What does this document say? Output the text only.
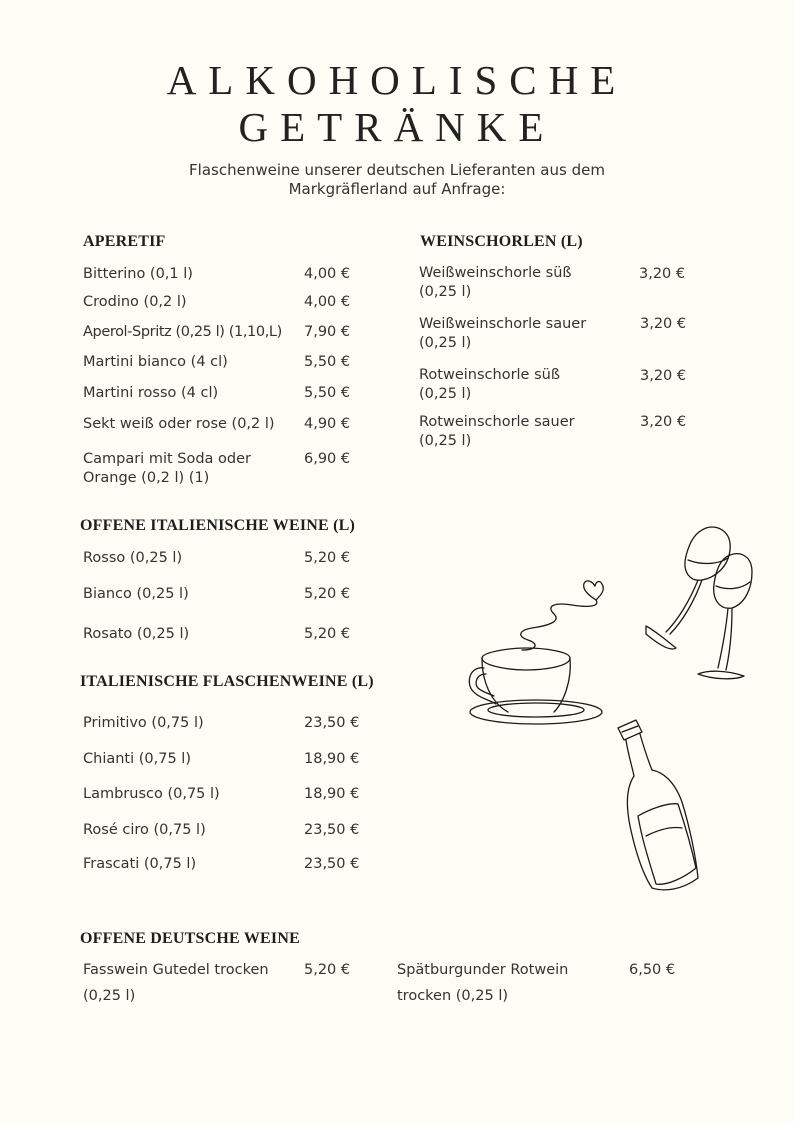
ALKOHOLISCHE
GETRÄNKE
Flaschenweine unserer deutschen Lieferanten aus dem
Markgräflerland auf Anfrage:
APERETIF
Bitterino (0,1 l)	4,00 €
Crodino (0,2 l)	4,00 €
Aperol-Spritz (0,25 l) (1,10,L) 7,90 €
Martini bianco (4 cl)	5,50 €
Martini rosso (4 cl)	5,50 €
Sekt weiß oder rose (0,2 l) 4,90 €
Campari mit Soda oder
Orange (0,2 l) (1)
6,90 €
WEINSCHORLEN (L)
Weißweinschorle süß
(0,25 l)
3,20 €
Weißweinschorle sauer
(0,25 l)
3,20 €
Rotweinschorle süß
(0,25 l)
3,20 €
Rotweinschorle sauer
(0,25 l)
3,20 €
OFFENE ITALIENISCHE WEINE (L)
Rosso (0,25 l)	5,20 €
Bianco (0,25 l)	5,20 €
Rosato (0,25 l)	5,20 €
ITALIENISCHE FLASCHENWEINE (L)
Primitivo (0,75 l)	23,50 €
Chianti (0,75 l)	18,90 €
Lambrusco (0,75 l)	18,90 €
Rosé ciro (0,75 l)	23,50 €
Frascati (0,75 l)	23,50 €
OFFENE DEUTSCHE WEINE
Fasswein Gutedel trocken
(0,25 l)
5,20 €	Spätburgunder Rotwein
trocken (0,25 l)
6,50 €
